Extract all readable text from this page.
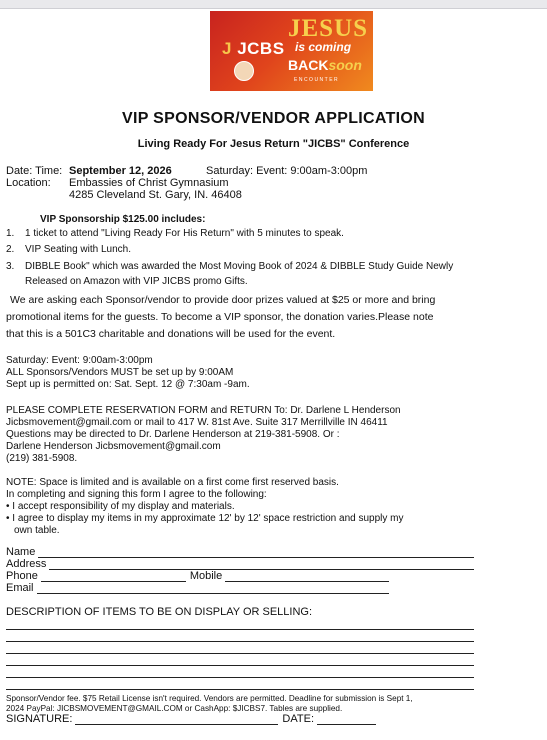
J JCBS

JESUS
is coming
BACKsoon
ENCOUNTER
VIP SPONSOR/VENDOR APPLICATION
Living Ready For Jesus Return "JICBS" Conference
Date: Time: September 12, 2026	Saturday: Event: 9:00am-3:00pm
Location: Embassies of Christ Gymnasium
4285 Cleveland St. Gary, IN. 46408
VIP Sponsorship $125.00 includes:
1. 1 ticket to attend "Living Ready For His Return" with 5 minutes to speak.
2. VIP Seating with Lunch.
3. DIBBLE Book" which was awarded the Most Moving Book of 2024 & DIBBLE Study Guide Newly
Released on Amazon with VIP JICBS promo Gifts.
We are asking each Sponsor/vendor to provide door prizes valued at $25 or more and bring
promotional items for the guests. To become a VIP sponsor, the donation varies.Please note
that this is a 501C3 charitable and donations will be used for the event.
Saturday: Event: 9:00am-3:00pm
ALL Sponsors/Vendors MUST be set up by 9:00AM
Sept up is permitted on: Sat. Sept. 12 @ 7:30am -9am.
PLEASE COMPLETE RESERVATION FORM and RETURN To: Dr. Darlene L Henderson
Jicbsmovement@gmail.com or mail to 417 W. 81st Ave. Suite 317 Merrillville IN 46411
Questions may be directed to Dr. Darlene Henderson at 219-381-5908. Or :
Darlene Henderson Jicbsmovement@gmail.com
(219) 381-5908.
NOTE: Space is limited and is available on a first come first reserved basis.
In completing and signing this form I agree to the following:
• I accept responsibility of my display and materials.
• I agree to display my items in my approximate 12' by 12' space restriction and supply my
own table.
Name
Address
Phone	Mobile
Email
DESCRIPTION OF ITEMS TO BE ON DISPLAY OR SELLING:
Sponsor/Vendor fee. $75 Retail License isn't required. Vendors are permitted. Deadline for submission is Sept 1,
2024 PayPal: JICBSMOVEMENT@GMAIL.COM or CashApp: $JICBS7. Tables are supplied.
SIGNATURE:	DATE:
